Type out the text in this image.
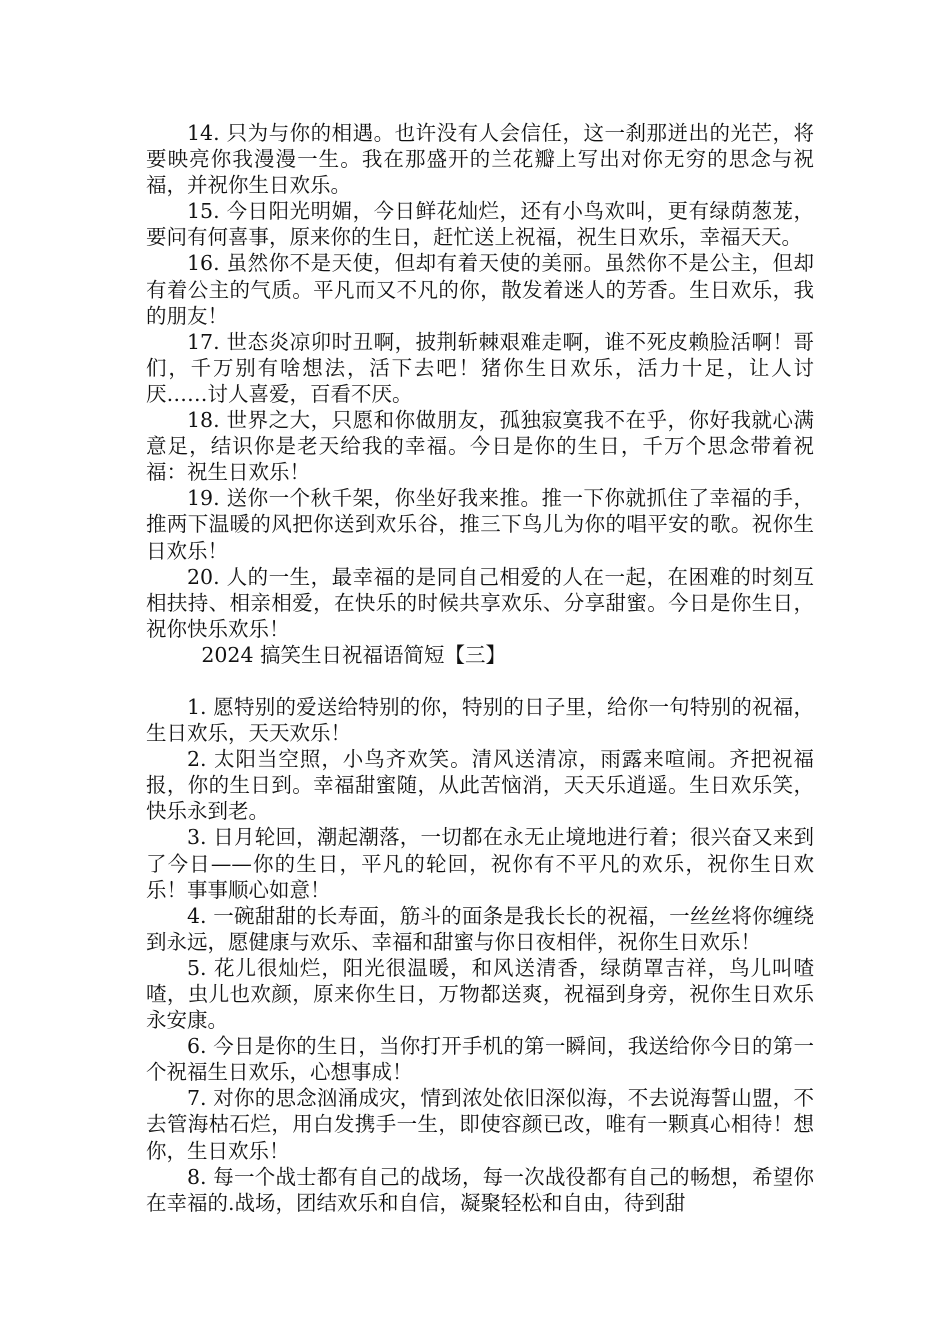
14. 只为与你的相遇。也许没有人会信任，这一刹那迸出的光芒，将要映亮你我漫漫一生。我在那盛开的兰花瓣上写出对你无穷的思念与祝福，并祝你生日欢乐。

15. 今日阳光明媚，今日鲜花灿烂，还有小鸟欢叫，更有绿荫葱茏，要问有何喜事，原来你的生日，赶忙送上祝福，祝生日欢乐，幸福天天。

16. 虽然你不是天使，但却有着天使的美丽。虽然你不是公主，但却有着公主的气质。平凡而又不凡的你，散发着迷人的芳香。生日欢乐，我的朋友！

17. 世态炎凉卯时丑啊，披荆斩棘艰难走啊，谁不死皮赖脸活啊！哥们，千万别有啥想法，活下去吧！猪你生日欢乐，活力十足，让人讨厌……讨人喜爱，百看不厌。

18. 世界之大，只愿和你做朋友，孤独寂寞我不在乎，你好我就心满意足，结识你是老天给我的幸福。今日是你的生日，千万个思念带着祝福：祝生日欢乐！

19. 送你一个秋千架，你坐好我来推。推一下你就抓住了幸福的手，推两下温暖的风把你送到欢乐谷，推三下鸟儿为你的唱平安的歌。祝你生日欢乐！

20. 人的一生，最幸福的是同自己相爱的人在一起，在困难的时刻互相扶持、相亲相爱，在快乐的时候共享欢乐、分享甜蜜。今日是你生日，祝你快乐欢乐！

2024 搞笑生日祝福语简短【三】

1. 愿特别的爱送给特别的你，特别的日子里，给你一句特别的祝福，生日欢乐，天天欢乐！

2. 太阳当空照，小鸟齐欢笑。清风送清凉，雨露来喧闹。齐把祝福报，你的生日到。幸福甜蜜随，从此苦恼消，天天乐逍遥。生日欢乐笑，快乐永到老。

3. 日月轮回，潮起潮落，一切都在永无止境地进行着；很兴奋又来到了今日——你的生日，平凡的轮回，祝你有不平凡的欢乐，祝你生日欢乐！事事顺心如意！

4. 一碗甜甜的长寿面，筋斗的面条是我长长的祝福，一丝丝将你缠绕到永远，愿健康与欢乐、幸福和甜蜜与你日夜相伴，祝你生日欢乐！

5. 花儿很灿烂，阳光很温暖，和风送清香，绿荫罩吉祥，鸟儿叫喳喳，虫儿也欢颜，原来你生日，万物都送爽，祝福到身旁，祝你生日欢乐永安康。

6. 今日是你的生日，当你打开手机的第一瞬间，我送给你今日的第一个祝福生日欢乐，心想事成！

7. 对你的思念汹涌成灾，情到浓处依旧深似海，不去说海誓山盟，不去管海枯石烂，用白发携手一生，即使容颜已改，唯有一颗真心相待！想你，生日欢乐！

8. 每一个战士都有自己的战场，每一次战役都有自己的畅想，希望你在幸福的.战场，团结欢乐和自信，凝聚轻松和自由，待到甜
